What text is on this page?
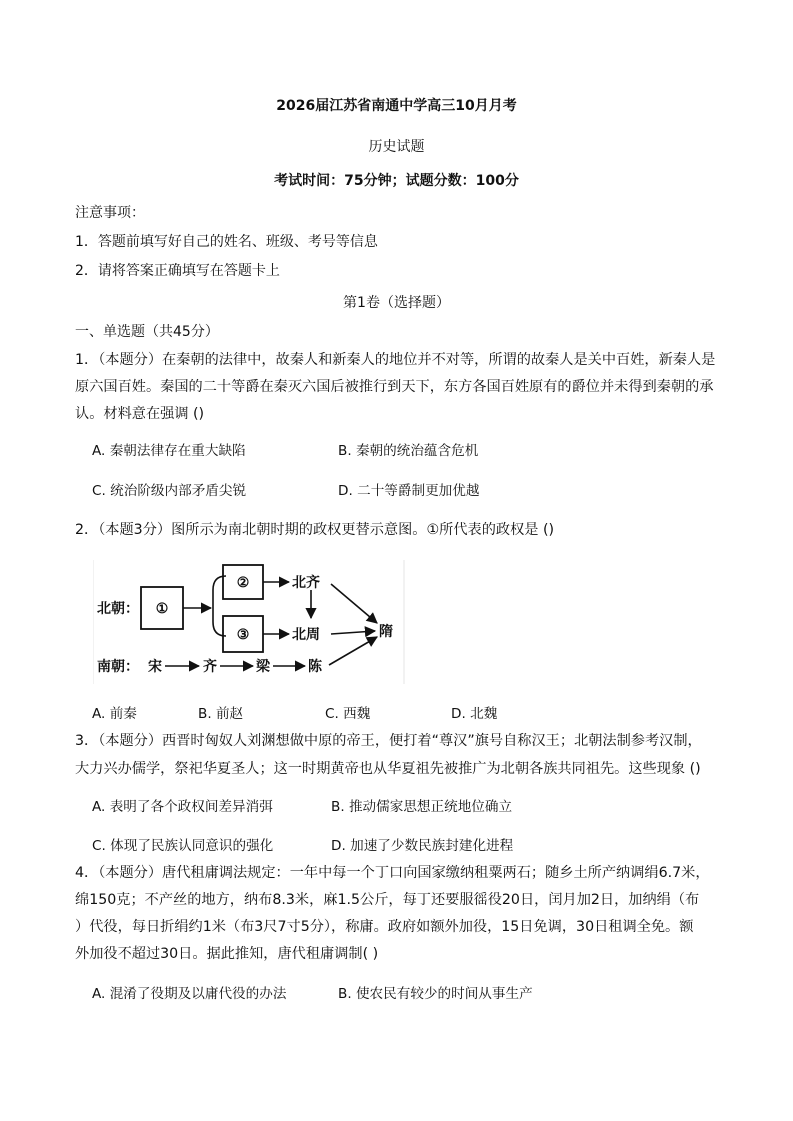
2026届江苏省南通中学高三10月月考
历史试题
考试时间：75分钟；试题分数：100分
注意事项：
1．答题前填写好自己的姓名、班级、考号等信息
2．请将答案正确填写在答题卡上
第1卷（选择题）
一、单选题（共45分）
1．（本题分）在秦朝的法律中，故秦人和新秦人的地位并不对等，所谓的故秦人是关中百姓，新秦人是
原六国百姓。秦国的二十等爵在秦灭六国后被推行到天下，东方各国百姓原有的爵位并未得到秦朝的承
认。材料意在强调 ()
A. 秦朝法律存在重大缺陷	B. 秦朝的统治蕴含危机
C. 统治阶级内部矛盾尖锐	D. 二十等爵制更加优越
2．（本题3分）图所示为南北朝时期的政权更替示意图。①所代表的政权是 ()
北朝： ①
②
③
北齐
北周	隋
南朝： 宋	齐	梁	陈
A. 前秦	B. 前赵	C. 西魏	D. 北魏
3．（本题分）西晋时匈奴人刘渊想做中原的帝王，便打着“尊汉”旗号自称汉王；北朝法制参考汉制，
大力兴办儒学，祭祀华夏圣人；这一时期黄帝也从华夏祖先被推广为北朝各族共同祖先。这些现象 ()
A. 表明了各个政权间差异消弭	B. 推动儒家思想正统地位确立
C. 体现了民族认同意识的强化	D. 加速了少数民族封建化进程
4．（本题分）唐代租庸调法规定：一年中每一个丁口向国家缴纳租粟两石；随乡土所产纳调绢6.7米，
绵150克；不产丝的地方，纳布8.3米，麻1.5公斤，每丁还要服徭役20日，闰月加2日，加纳绢（布
）代役，每日折绢约1米（布3尺7寸5分），称庸。政府如额外加役，15日免调，30日租调全免。额
外加役不超过30日。据此推知，唐代租庸调制( )
A. 混淆了役期及以庸代役的办法	B. 使农民有较少的时间从事生产
